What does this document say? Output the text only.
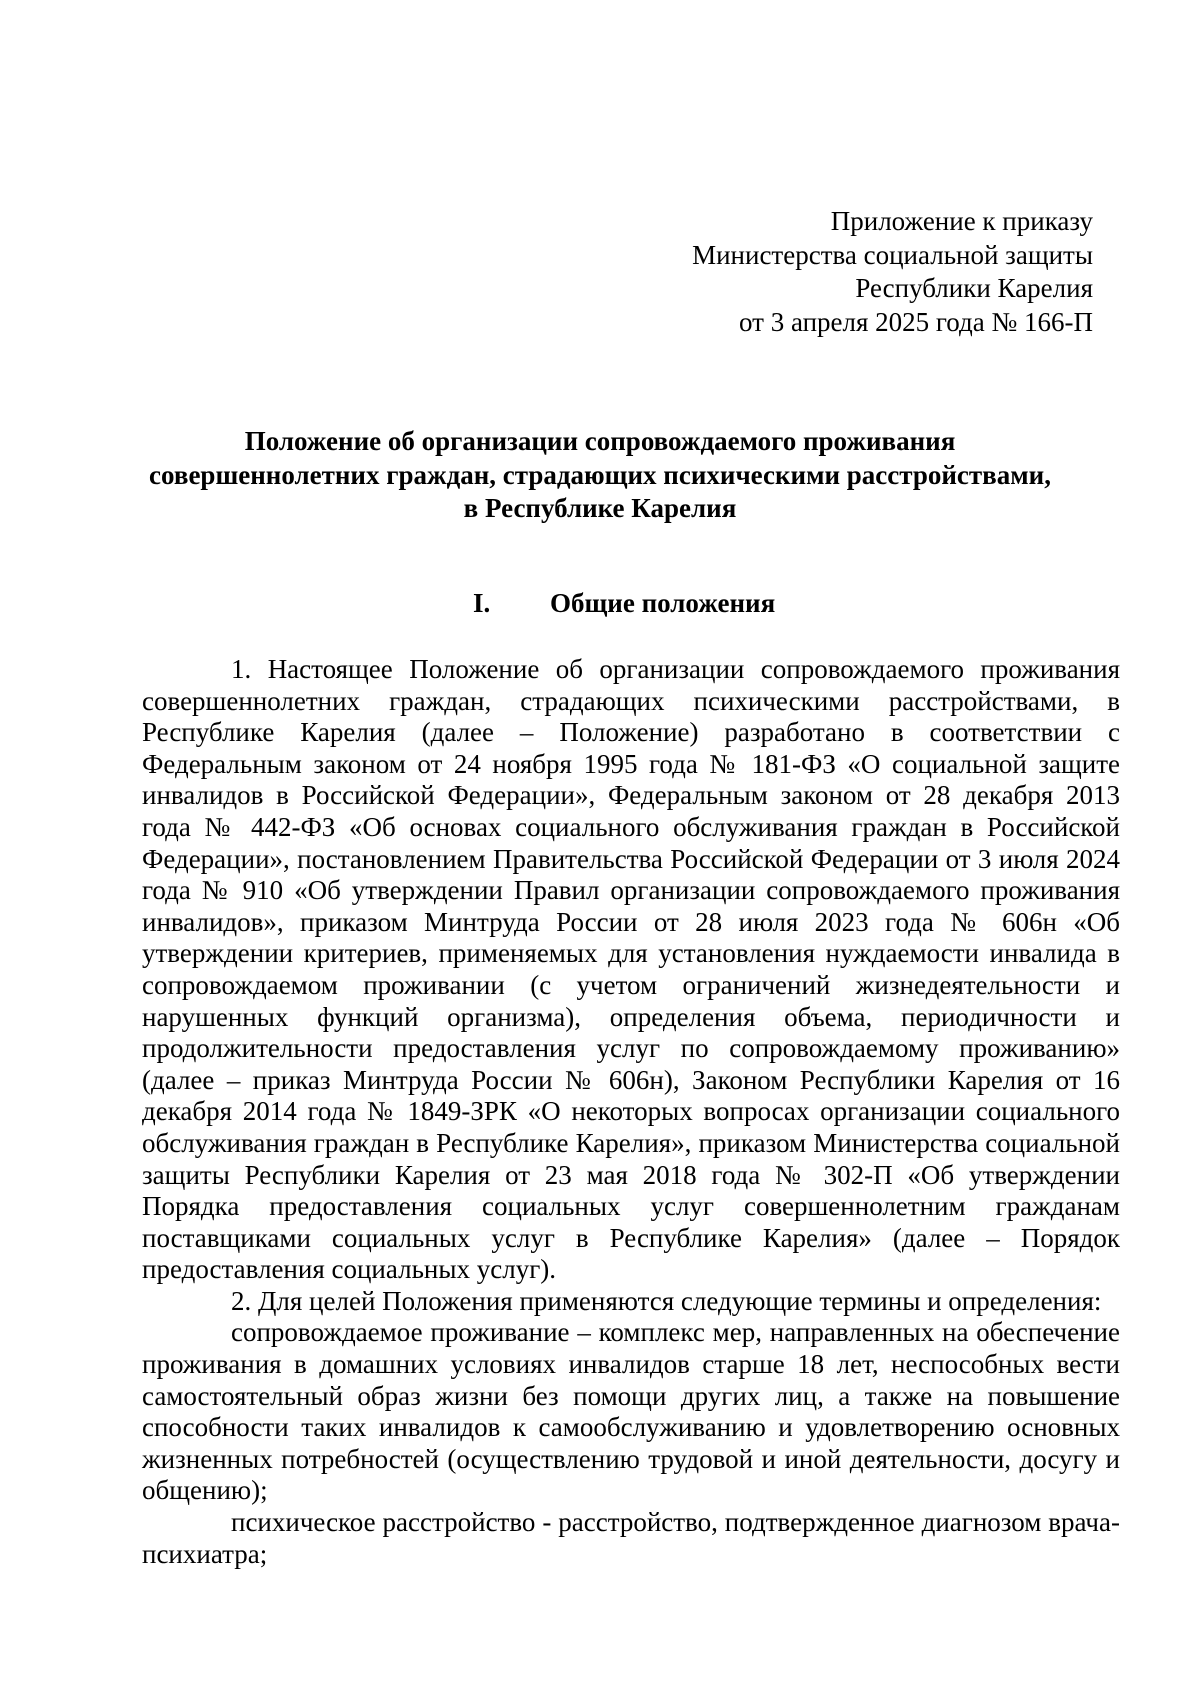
Приложение к приказу
Министерства социальной защиты
Республики Карелия
от 3 апреля 2025 года № 166-П
Положение об организации сопровождаемого проживания
совершеннолетних граждан, страдающих психическими расстройствами,
в Республике Карелия
I. Общие положения

1. Настоящее Положение об организации сопровождаемого проживания совершеннолетних граждан, страдающих психическими расстройствами, в Республике Карелия (далее – Положение) разработано в соответствии с Федеральным законом от 24 ноября 1995 года № 181-ФЗ «О социальной защите инвалидов в Российской Федерации», Федеральным законом от 28 декабря 2013 года № 442-ФЗ «Об основах социального обслуживания граждан в Российской Федерации», постановлением Правительства Российской Федерации от 3 июля 2024 года № 910 «Об утверждении Правил организации сопровождаемого проживания инвалидов», приказом Минтруда России от 28 июля 2023 года № 606н «Об утверждении критериев, применяемых для установления нуждаемости инвалида в сопровождаемом проживании (с учетом ограничений жизнедеятельности и нарушенных функций организма), определения объема, периодичности и продолжительности предоставления услуг по сопровождаемому проживанию» (далее – приказ Минтруда России № 606н), Законом Республики Карелия от 16 декабря 2014 года № 1849-ЗРК «О некоторых вопросах организации социального обслуживания граждан в Республике Карелия», приказом Министерства социальной защиты Республики Карелия от 23 мая 2018 года № 302-П «Об утверждении Порядка предоставления социальных услуг совершеннолетним гражданам поставщиками социальных услуг в Республике Карелия» (далее – Порядок предоставления социальных услуг).

2. Для целей Положения применяются следующие термины и определения:

сопровождаемое проживание – комплекс мер, направленных на обеспечение проживания в домашних условиях инвалидов старше 18 лет, неспособных вести самостоятельный образ жизни без помощи других лиц, а также на повышение способности таких инвалидов к самообслуживанию и удовлетворению основных жизненных потребностей (осуществлению трудовой и иной деятельности, досугу и общению);

психическое расстройство - расстройство, подтвержденное диагнозом врача-психиатра;
